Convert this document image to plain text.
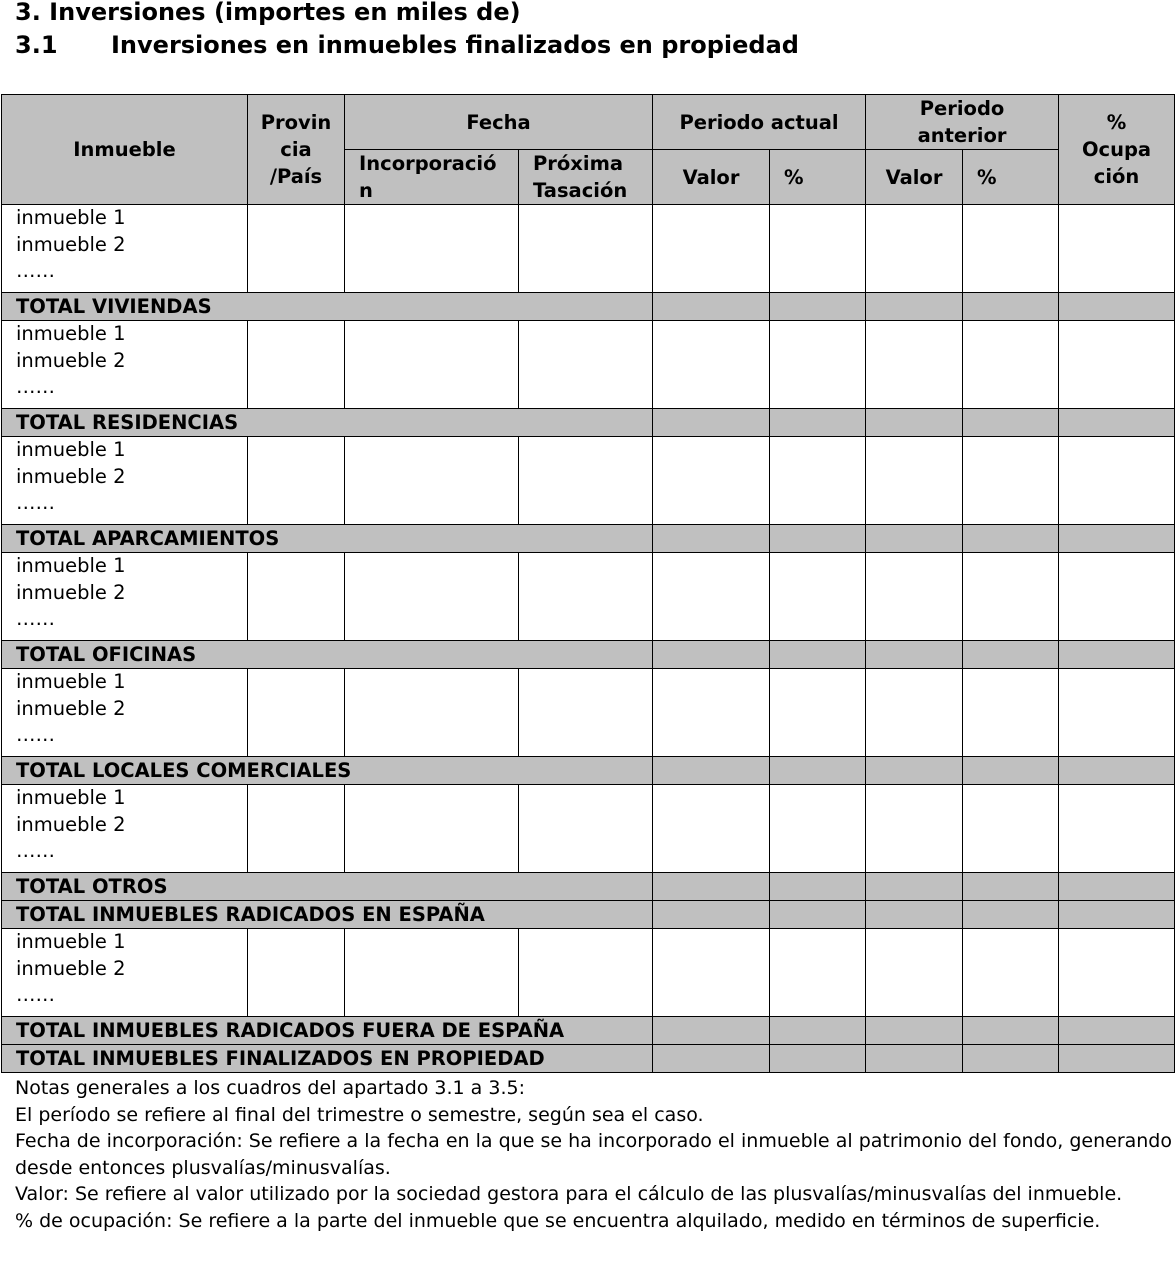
3. Inversiones (importes en miles de)
3.1 Inversiones en inmuebles finalizados en propiedad
Inmueble	Provin cia /País	Fecha		Periodo actual		Periodo anterior		% Ocupa ción

		Incorporació n	Próxima Tasación	Valor	%	Valor	%	

inmueble 1
inmueble 2
……								

TOTAL VIVIENDAS								

inmueble 1
inmueble 2
……								

TOTAL RESIDENCIAS								

inmueble 1
inmueble 2
……								

TOTAL APARCAMIENTOS								

inmueble 1
inmueble 2
……								

TOTAL OFICINAS								

inmueble 1
inmueble 2
……								

TOTAL LOCALES COMERCIALES								

inmueble 1
inmueble 2
……								

TOTAL OTROS								
TOTAL INMUEBLES RADICADOS EN ESPAÑA								

inmueble 1
inmueble 2
……								

TOTAL INMUEBLES RADICADOS FUERA DE ESPAÑA								
TOTAL INMUEBLES FINALIZADOS EN PROPIEDAD								

Notas generales a los cuadros del apartado 3.1 a 3.5:

El período se refiere al final del trimestre o semestre, según sea el caso.

Fecha de incorporación: Se refiere a la fecha en la que se ha incorporado el inmueble al patrimonio del fondo, generando desde entonces plusvalías/minusvalías.

Valor: Se refiere al valor utilizado por la sociedad gestora para el cálculo de las plusvalías/minusvalías del inmueble.

% de ocupación: Se refiere a la parte del inmueble que se encuentra alquilado, medido en términos de superficie.
